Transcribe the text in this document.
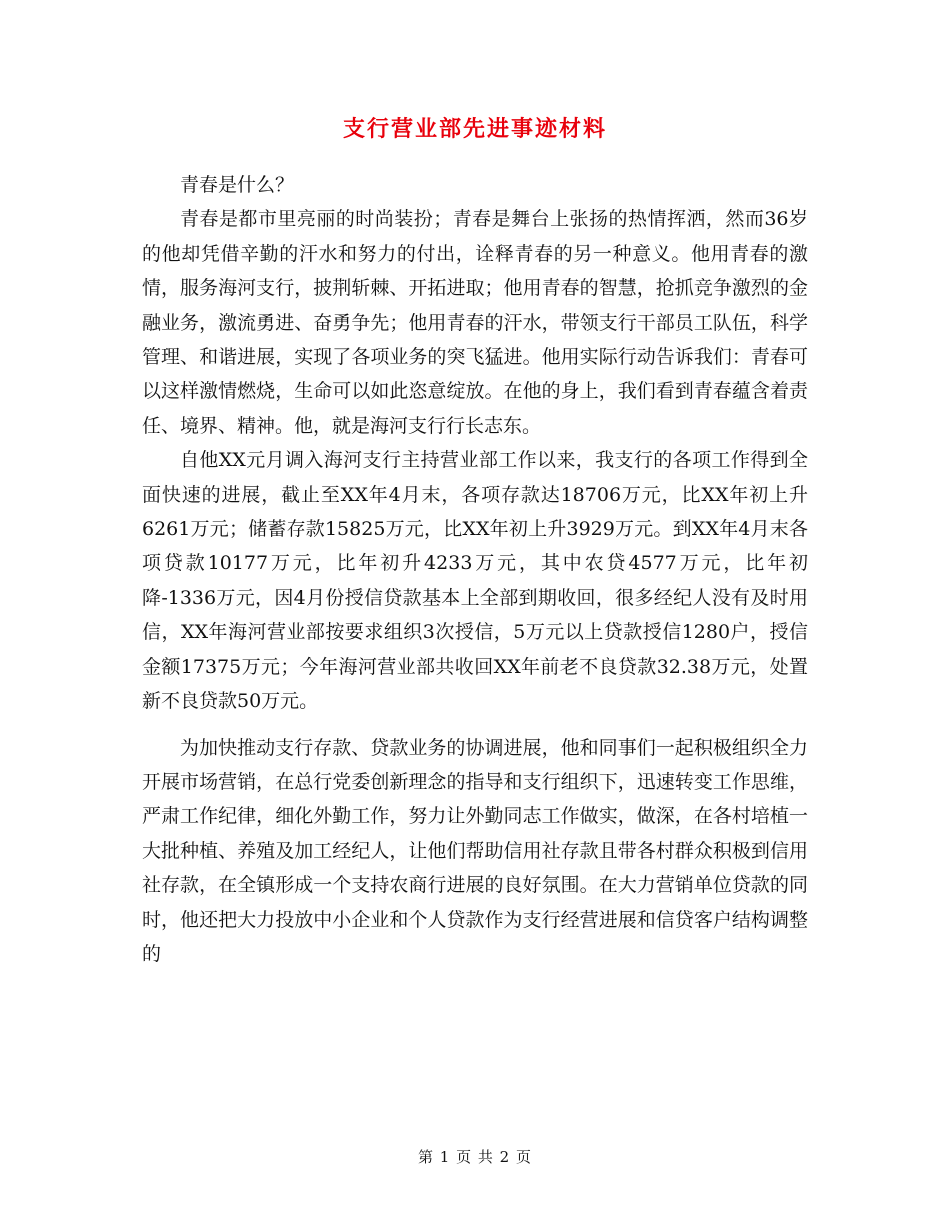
支行营业部先进事迹材料

青春是什么？

青春是都市里亮丽的时尚装扮；青春是舞台上张扬的热情挥洒，然而36岁的他却凭借辛勤的汗水和努力的付出，诠释青春的另一种意义。他用青春的激情，服务海河支行，披荆斩棘、开拓进取；他用青春的智慧，抢抓竞争激烈的金融业务，激流勇进、奋勇争先；他用青春的汗水，带领支行干部员工队伍，科学管理、和谐进展，实现了各项业务的突飞猛进。他用实际行动告诉我们：青春可以这样激情燃烧，生命可以如此恣意绽放。在他的身上，我们看到青春蕴含着责任、境界、精神。他，就是海河支行行长志东。

自他XX元月调入海河支行主持营业部工作以来，我支行的各项工作得到全面快速的进展，截止至XX年4月末，各项存款达18706万元，比XX年初上升6261万元；储蓄存款15825万元，比XX年初上升3929万元。到XX年4月末各项贷款10177万元，比年初升4233万元，其中农贷4577万元，比年初降-1336万元，因4月份授信贷款基本上全部到期收回，很多经纪人没有及时用信，XX年海河营业部按要求组织3次授信，5万元以上贷款授信1280户，授信金额17375万元；今年海河营业部共收回XX年前老不良贷款32.38万元，处置新不良贷款50万元。

为加快推动支行存款、贷款业务的协调进展，他和同事们一起积极组织全力开展市场营销，在总行党委创新理念的指导和支行组织下，迅速转变工作思维，严肃工作纪律，细化外勤工作，努力让外勤同志工作做实，做深，在各村培植一大批种植、养殖及加工经纪人，让他们帮助信用社存款且带各村群众积极到信用社存款，在全镇形成一个支持农商行进展的良好氛围。在大力营销单位贷款的同时，他还把大力投放中小企业和个人贷款作为支行经营进展和信贷客户结构调整的

第 1 页 共 2 页
